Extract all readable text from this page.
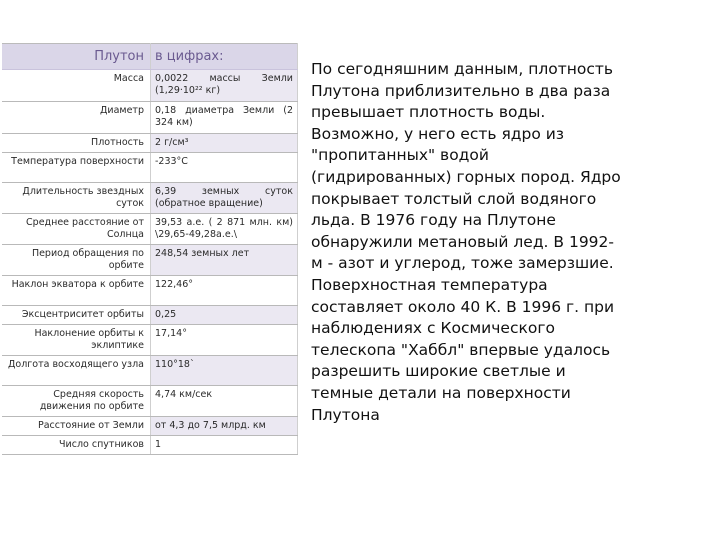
Плутон	в цифрах:
Масса	0,0022 массы Земли (1,29·10²² кг)
Диаметр	0,18 диаметра Земли (2 324 км)
Плотность	2 г/см³
Температура поверхности	-233°С
Длительность звездных суток	6,39 земных суток (обратное вращение)
Среднее расстояние от Солнца	39,53 а.е. ( 2 871 млн. км) \29,65-49,28а.е.\
Период обращения по орбите	248,54 земных лет
Наклон экватора к орбите	122,46°
Эксцентриситет орбиты	0,25
Наклонение орбиты к эклиптике	17,14°
Долгота восходящего узла	110°18`
Средняя скорость движения по орбите	4,74 км/сек
Расстояние от Земли	от 4,3 до 7,5 млрд. км
Число спутников	1
По сегодняшним данным, плотность
Плутона приблизительно в два раза
превышает плотность воды.
Возможно, у него есть ядро из
"пропитанных" водой
(гидрированных) горных пород. Ядро
покрывает толстый слой водяного
льда. В 1976 году на Плутоне
обнаружили метановый лед. В 1992-
м - азот и углерод, тоже замерзшие.
Поверхностная температура
составляет около 40 К. В 1996 г. при
наблюдениях с Космического
телескопа "Хаббл" впервые удалось
разрешить широкие светлые и
темные детали на поверхности
Плутона
